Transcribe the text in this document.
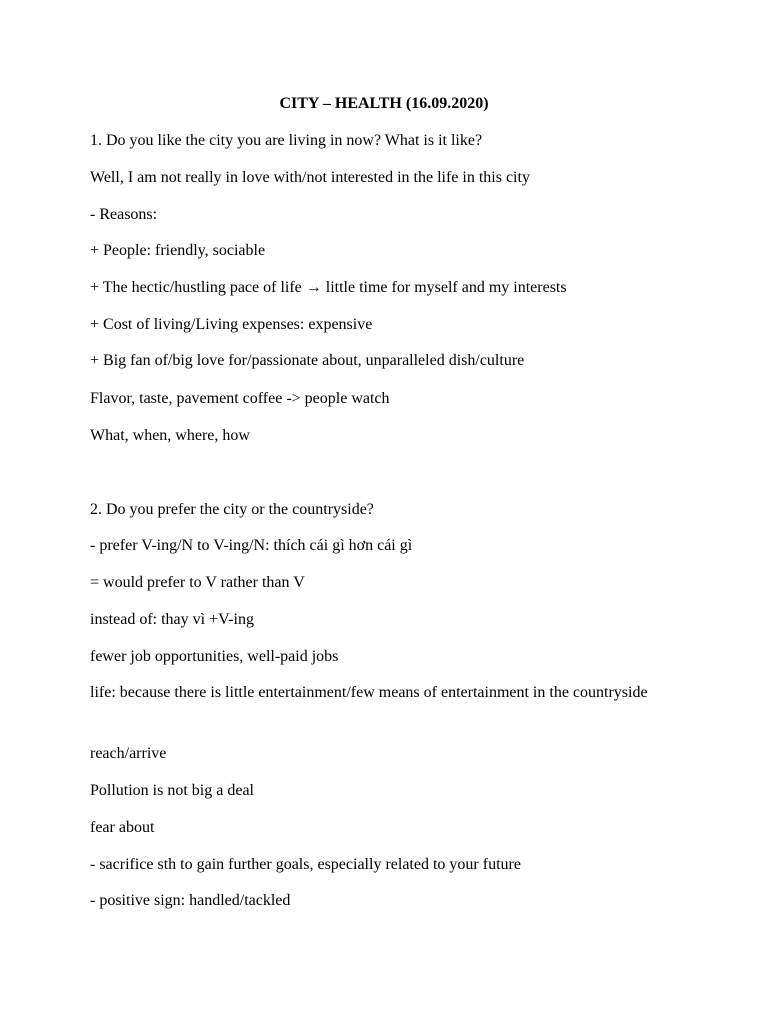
CITY – HEALTH (16.09.2020)
1. Do you like the city you are living in now? What is it like?
Well, I am not really in love with/not interested in the life in this city
- Reasons:
+ People: friendly, sociable
+ The hectic/hustling pace of life → little time for myself and my interests
+ Cost of living/Living expenses: expensive
+ Big fan of/big love for/passionate about, unparalleled dish/culture
Flavor, taste, pavement coffee -> people watch
What, when, where, how
2. Do you prefer the city or the countryside?
- prefer V-ing/N to V-ing/N: thích cái gì hơn cái gì
= would prefer to V rather than V
instead of: thay vì +V-ing
fewer job opportunities, well-paid jobs
life: because there is little entertainment/few means of entertainment in the countryside
reach/arrive
Pollution is not big a deal
fear about
- sacrifice sth to gain further goals, especially related to your future
- positive sign: handled/tackled
